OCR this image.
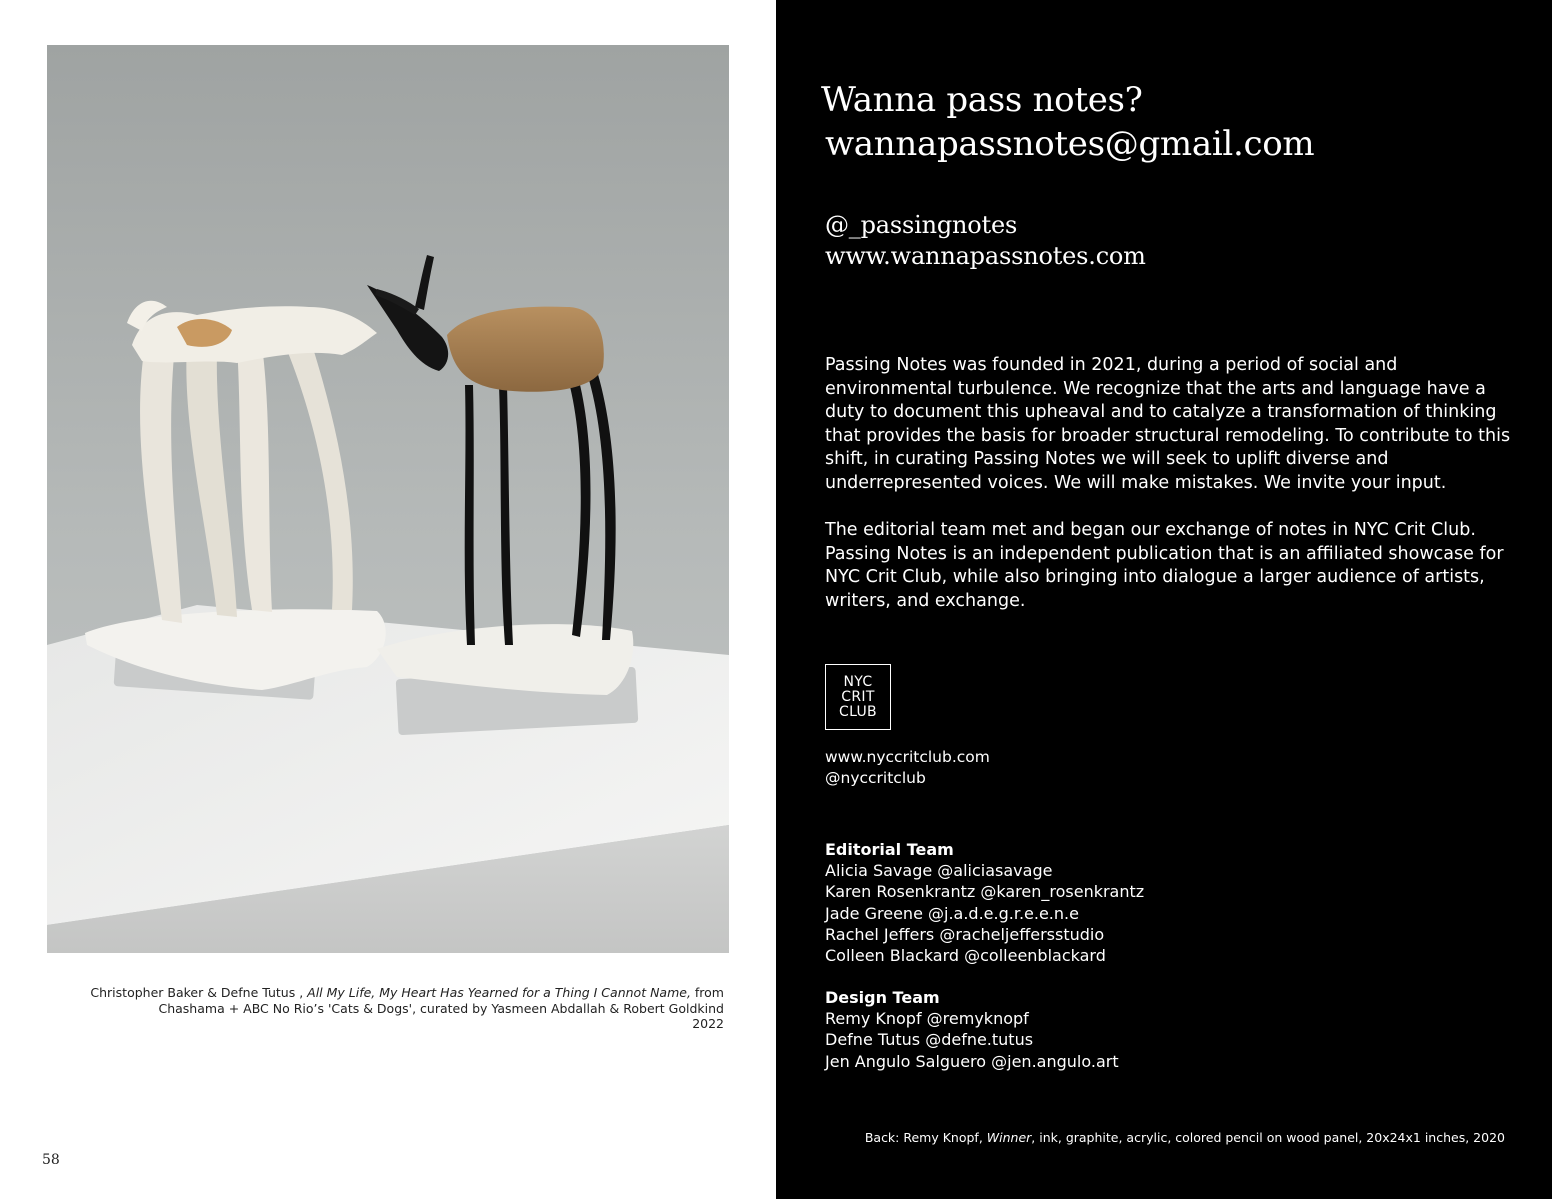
Christopher Baker & Defne Tutus , All My Life, My Heart Has Yearned for a Thing I Cannot Name, from
Chashama + ABC No Rio’s 'Cats & Dogs', curated by Yasmeen Abdallah & Robert Goldkind
2022
58
Wanna pass notes?
wannapassnotes@gmail.com
@_passingnotes
www.wannapassnotes.com

Passing Notes was founded in 2021, during a period of social and environmental turbulence. We recognize that the arts and language have a duty to document this upheaval and to catalyze a transformation of thinking that provides the basis for broader structural remodeling. To contribute to this shift, in curating Passing Notes we will seek to uplift diverse and underrepresented voices. We will make mistakes. We invite your input.

The editorial team met and began our exchange of notes in NYC Crit Club. Passing Notes is an independent publication that is an affiliated showcase for NYC Crit Club, while also bringing into dialogue a larger audience of artists, writers, and exchange.

NYC
CRIT
CLUB
www.nyccritclub.com
@nyccritclub
Editorial Team
Alicia Savage @aliciasavage
Karen Rosenkrantz @karen_rosenkrantz
Jade Greene @j.a.d.e.g.r.e.e.n.e
Rachel Jeffers @racheljeffersstudio
Colleen Blackard @colleenblackard
Design Team
Remy Knopf @remyknopf
Defne Tutus @defne.tutus
Jen Angulo Salguero @jen.angulo.art
Back: Remy Knopf, Winner, ink, graphite, acrylic, colored pencil on wood panel, 20x24x1 inches, 2020
